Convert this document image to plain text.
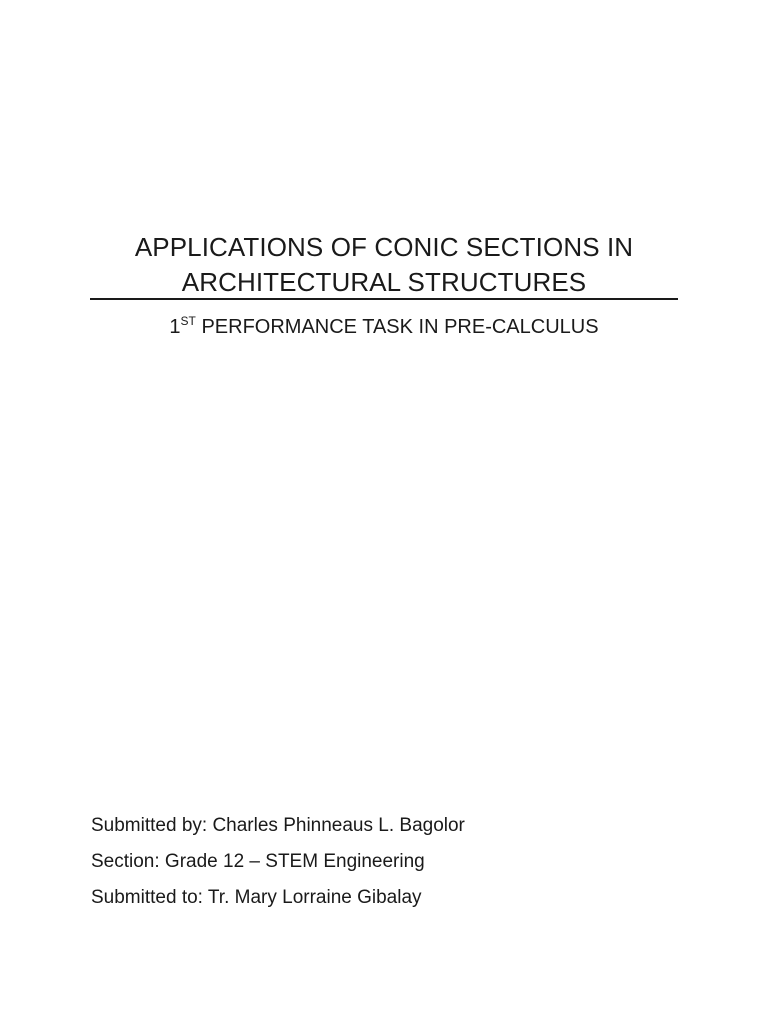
APPLICATIONS OF CONIC SECTIONS IN
ARCHITECTURAL STRUCTURES
1ST PERFORMANCE TASK IN PRE-CALCULUS
Submitted by: Charles Phinneaus L. Bagolor
Section: Grade 12 – STEM Engineering
Submitted to: Tr. Mary Lorraine Gibalay
